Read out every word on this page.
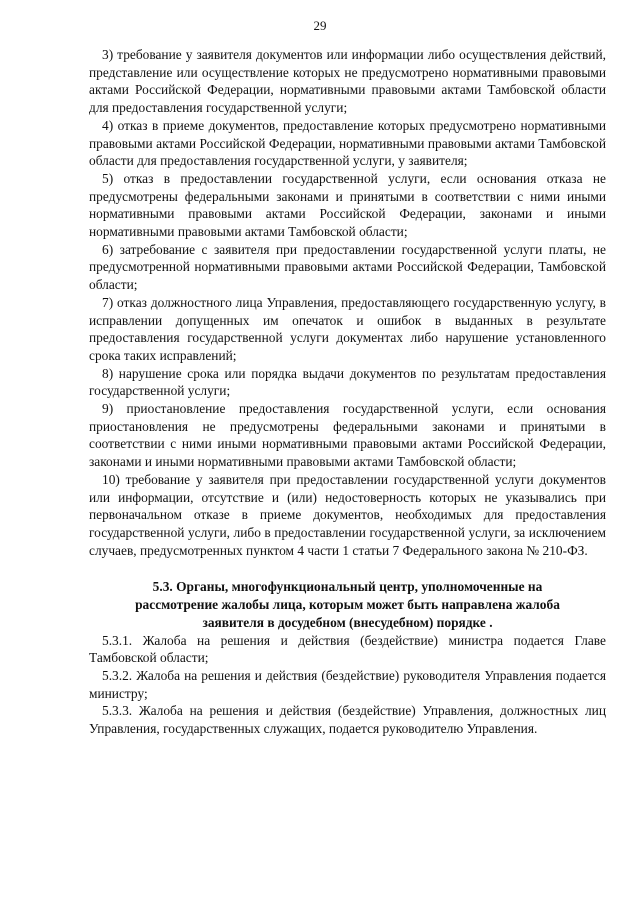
29

3) требование у заявителя документов или информации либо осуществления действий, представление или осуществление которых не предусмотрено нормативными правовыми актами Российской Федерации, нормативными правовыми актами Тамбовской области для предоставления государственной услуги;

4) отказ в приеме документов, предоставление которых предусмотрено нормативными правовыми актами Российской Федерации, нормативными правовыми актами Тамбовской области для предоставления государственной услуги, у заявителя;

5) отказ в предоставлении государственной услуги, если основания отказа не предусмотрены федеральными законами и принятыми в соответствии с ними иными нормативными правовыми актами Российской Федерации, законами и иными нормативными правовыми актами Тамбовской области;

6) затребование с заявителя при предоставлении государственной услуги платы, не предусмотренной нормативными правовыми актами Российской Федерации, Тамбовской области;

7) отказ должностного лица Управления, предоставляющего государственную услугу, в исправлении допущенных им опечаток и ошибок в выданных в результате предоставления государственной услуги документах либо нарушение установленного срока таких исправлений;

8) нарушение срока или порядка выдачи документов по результатам предоставления государственной услуги;

9) приостановление предоставления государственной услуги, если основания приостановления не предусмотрены федеральными законами и принятыми в соответствии с ними иными нормативными правовыми актами Российской Федерации, законами и иными нормативными правовыми актами Тамбовской области;

10) требование у заявителя при предоставлении государственной услуги документов или информации, отсутствие и (или) недостоверность которых не указывались при первоначальном отказе в приеме документов, необходимых для предоставления государственной услуги, либо в предоставлении государственной услуги, за исключением случаев, предусмотренных пунктом 4 части 1 статьи 7 Федерального закона № 210-ФЗ.

5.3. Органы, многофункциональный центр, уполномоченные на
рассмотрение жалобы лица, которым может быть направлена жалоба
заявителя в досудебном (внесудебном) порядке .

5.3.1. Жалоба на решения и действия (бездействие) министра подается Главе Тамбовской области;

5.3.2. Жалоба на решения и действия (бездействие) руководителя Управления подается министру;

5.3.3. Жалоба на решения и действия (бездействие) Управления, должностных лиц Управления, государственных служащих, подается руководителю Управления.
